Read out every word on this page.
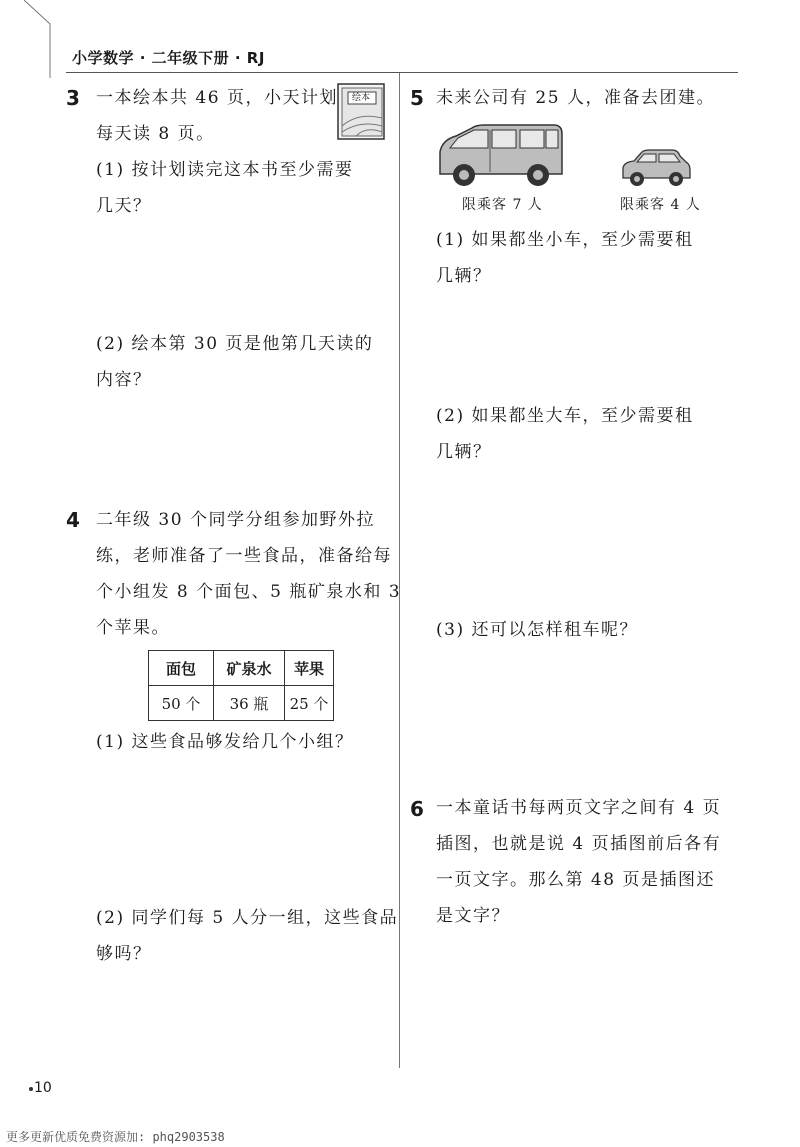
小学数学 · 二年级下册 · RJ
3 一本绘本共 46 页，小天计划
每天读 8 页。
(1) 按计划读完这本书至少需要
几天？
(2) 绘本第 30 页是他第几天读的
内容？
绘本
4 二年级 30 个同学分组参加野外拉
练，老师准备了一些食品，准备给每
个小组发 8 个面包、5 瓶矿泉水和 3
个苹果。
面包	矿泉水	苹果
50 个	36 瓶	25 个
(1) 这些食品够发给几个小组？
(2) 同学们每 5 人分一组，这些食品
够吗？
5 未来公司有 25 人，准备去团建。
限乘客 7 人	限乘客 4 人
(1) 如果都坐小车，至少需要租
几辆？
(2) 如果都坐大车，至少需要租
几辆？
(3) 还可以怎样租车呢？
6 一本童话书每两页文字之间有 4 页
插图，也就是说 4 页插图前后各有
一页文字。那么第 48 页是插图还
是文字？
10
更多更新优质免费资源加: phq2903538
